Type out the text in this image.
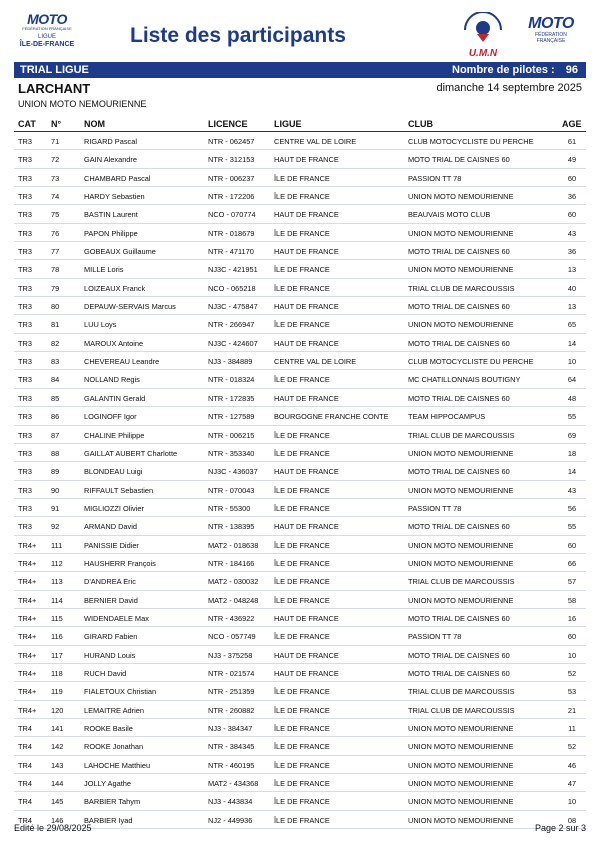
MOTO
FÉDÉRATION FRANÇAISE
LIGUE
ÎLE-DE-FRANCE	Liste des participants
U.M.N
MOTO
FÉDÉRATION FRANÇAISE
TRIAL LIGUE	Nombre de pilotes : 96
LARCHANT	dimanche 14 septembre 2025
UNION MOTO NEMOURIENNE
CAT N°	NOM	LICENCE	LIGUE	CLUB	AGE
TR3	71	RIGARD Pascal	NTR - 062457	CENTRE VAL DE LOIRE	CLUB MOTOCYCLISTE DU PERCHE	61
TR3	72	GAIN Alexandre	NTR - 312153	HAUT DE FRANCE	MOTO TRIAL DE CAISNES 60	49
TR3	73	CHAMBARD Pascal	NTR - 006237	ÎLE DE FRANCE	PASSION TT 78	60
TR3	74	HARDY Sebastien	NTR - 172206	ÎLE DE FRANCE	UNION MOTO NEMOURIENNE	36
TR3	75	BASTIN Laurent	NCO - 070774 HAUT DE FRANCE	BEAUVAIS MOTO CLUB	60
TR3	76	PAPON Philippe	NTR - 018679	ÎLE DE FRANCE	UNION MOTO NEMOURIENNE	43
TR3	77	GOBEAUX Guillaume	NTR - 471170	HAUT DE FRANCE	MOTO TRIAL DE CAISNES 60	36
TR3	78	MILLE Loris	NJ3C - 421951 ÎLE DE FRANCE	UNION MOTO NEMOURIENNE	13
TR3	79	LOIZEAUX Franck	NCO - 065218 ÎLE DE FRANCE	TRIAL CLUB DE MARCOUSSIS	40
TR3	80	DEPAUW-SERVAIS Marcus	NJ3C - 475847 HAUT DE FRANCE	MOTO TRIAL DE CAISNES 60	13
TR3	81	LUU Loys	NTR - 266947	ÎLE DE FRANCE	UNION MOTO NEMOURIENNE	65
TR3	82	MAROUX Antoine	NJ3C - 424607 HAUT DE FRANCE	MOTO TRIAL DE CAISNES 60	14
TR3	83	CHEVEREAU Leandre	NJ3 - 384889	CENTRE VAL DE LOIRE	CLUB MOTOCYCLISTE DU PERCHE	10
TR3	84	NOLLAND Regis	NTR - 018324	ÎLE DE FRANCE	MC CHATILLONNAIS BOUTIGNY	64
TR3	85	GALANTIN Gerald	NTR - 172835	HAUT DE FRANCE	MOTO TRIAL DE CAISNES 60	48
TR3	86	LOGINOFF Igor	NTR - 127589	BOURGOGNE FRANCHE CONTE	TEAM HIPPOCAMPUS	55
TR3	87	CHALINE Philippe	NTR - 006215	ÎLE DE FRANCE	TRIAL CLUB DE MARCOUSSIS	69
TR3	88	GAILLAT AUBERT Charlotte	NTR - 353340	ÎLE DE FRANCE	UNION MOTO NEMOURIENNE	18
TR3	89	BLONDEAU Luigi	NJ3C - 436037 HAUT DE FRANCE	MOTO TRIAL DE CAISNES 60	14
TR3	90	RIFFAULT Sebastien	NTR - 070043	ÎLE DE FRANCE	UNION MOTO NEMOURIENNE	43
TR3	91	MIGLIOZZI Olivier	NTR - 55300	ÎLE DE FRANCE	PASSION TT 78	56
TR3	92	ARMAND David	NTR - 138395	HAUT DE FRANCE	MOTO TRIAL DE CAISNES 60	55
TR4+ 111	PANISSIE Didier	MAT2 - 018638 ÎLE DE FRANCE	UNION MOTO NEMOURIENNE	60
TR4+ 112	HAUSHERR François	NTR - 184166	ÎLE DE FRANCE	UNION MOTO NEMOURIENNE	66
TR4+ 113	D'ANDREA Eric	MAT2 - 030032 ÎLE DE FRANCE	TRIAL CLUB DE MARCOUSSIS	57
TR4+ 114	BERNIER David	MAT2 - 048248 ÎLE DE FRANCE	UNION MOTO NEMOURIENNE	58
TR4+ 115	WIDENDAELE Max	NTR - 436922	HAUT DE FRANCE	MOTO TRIAL DE CAISNES 60	16
TR4+ 116	GIRARD Fabien	NCO - 057749 ÎLE DE FRANCE	PASSION TT 78	60
TR4+ 117	HURAND Louis	NJ3 - 375258	HAUT DE FRANCE	MOTO TRIAL DE CAISNES 60	10
TR4+ 118	RUCH David	NTR - 021574	HAUT DE FRANCE	MOTO TRIAL DE CAISNES 60	52
TR4+ 119	FIALETOUX Christian	NTR - 251359	ÎLE DE FRANCE	TRIAL CLUB DE MARCOUSSIS	53
TR4+ 120	LEMAITRE Adrien	NTR - 260882	ÎLE DE FRANCE	TRIAL CLUB DE MARCOUSSIS	21
TR4	141	ROOKE Basile	NJ3 - 384347	ÎLE DE FRANCE	UNION MOTO NEMOURIENNE	11
TR4	142	ROOKE Jonathan	NTR - 384345	ÎLE DE FRANCE	UNION MOTO NEMOURIENNE	52
TR4	143	LAHOCHE Matthieu	NTR - 460195	ÎLE DE FRANCE	UNION MOTO NEMOURIENNE	46
TR4	144	JOLLY Agathe	MAT2 - 434368 ÎLE DE FRANCE	UNION MOTO NEMOURIENNE	47
TR4	145	BARBIER Tahym	NJ3 - 443834	ÎLE DE FRANCE	UNION MOTO NEMOURIENNE	10
TR4	146	BARBIER Iyad	NJ2 - 449936	ÎLE DE FRANCE	UNION MOTO NEMOURIENNE	08
Edité le 29/08/2025	Page 2 sur 3
